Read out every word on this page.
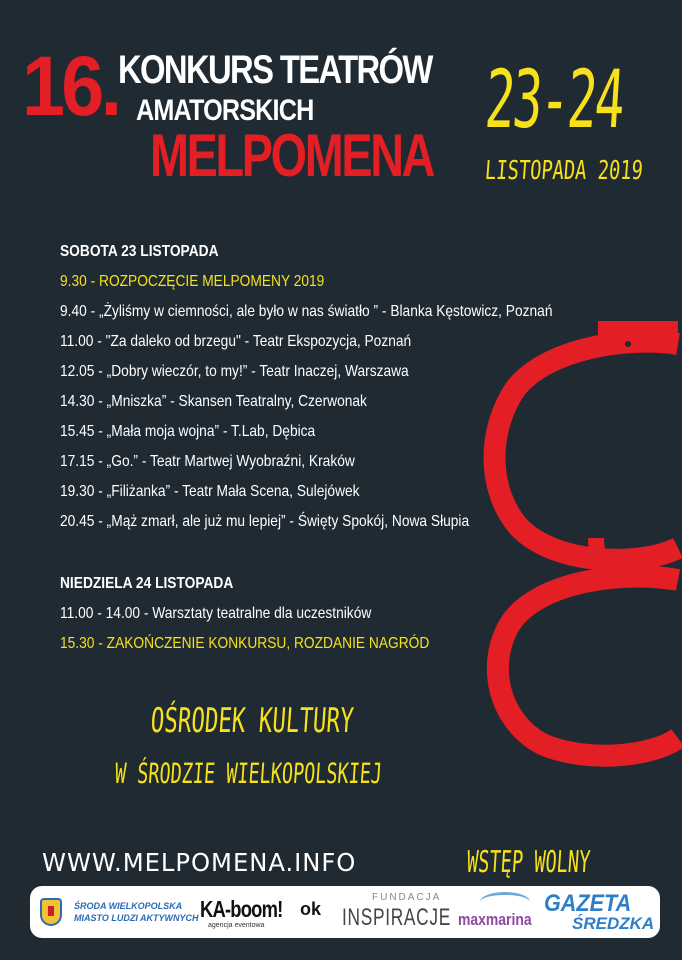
16. KONKURS TEATRÓW
AMATORSKICH
MELPOMENA
23-24
LISTOPADA 2019
SOBOTA 23 LISTOPADA
9.30 - ROZPOCZĘCIE MELPOMENY 2019
9.40 - „Żyliśmy w ciemności, ale było w nas światło ” - Blanka Kęstowicz, Poznań
11.00 - "Za daleko od brzegu" - Teatr Ekspozycja, Poznań
12.05 - „Dobry wieczór, to my!” - Teatr Inaczej, Warszawa
14.30 - „Mniszka” - Skansen Teatralny, Czerwonak
15.45 - „Mała moja wojna” - T.Lab, Dębica
17.15 - „Go.” - Teatr Martwej Wyobraźni, Kraków
19.30 - „Filiżanka” - Teatr Mała Scena, Sulejówek
20.45 - „Mąż zmarł, ale już mu lepiej” - Święty Spokój, Nowa Słupia
NIEDZIELA 24 LISTOPADA
11.00 - 14.00 - Warsztaty teatralne dla uczestników
15.30 - ZAKOŃCZENIE KONKURSU, ROZDANIE NAGRÓD
OŚRODEK KULTURY
W ŚRODZIE WIELKOPOLSKIEJ
WWW.MELPOMENA.INFO	WSTĘP WOLNY
ŚRODA WIELKOPOLSKA
MIASTO LUDZI AKTYWNYCH KA-boom!
agencja eventowa
ok
FUNDACJA
INSPIRACJE maxmarina
GAZETA
ŚREDZKA
